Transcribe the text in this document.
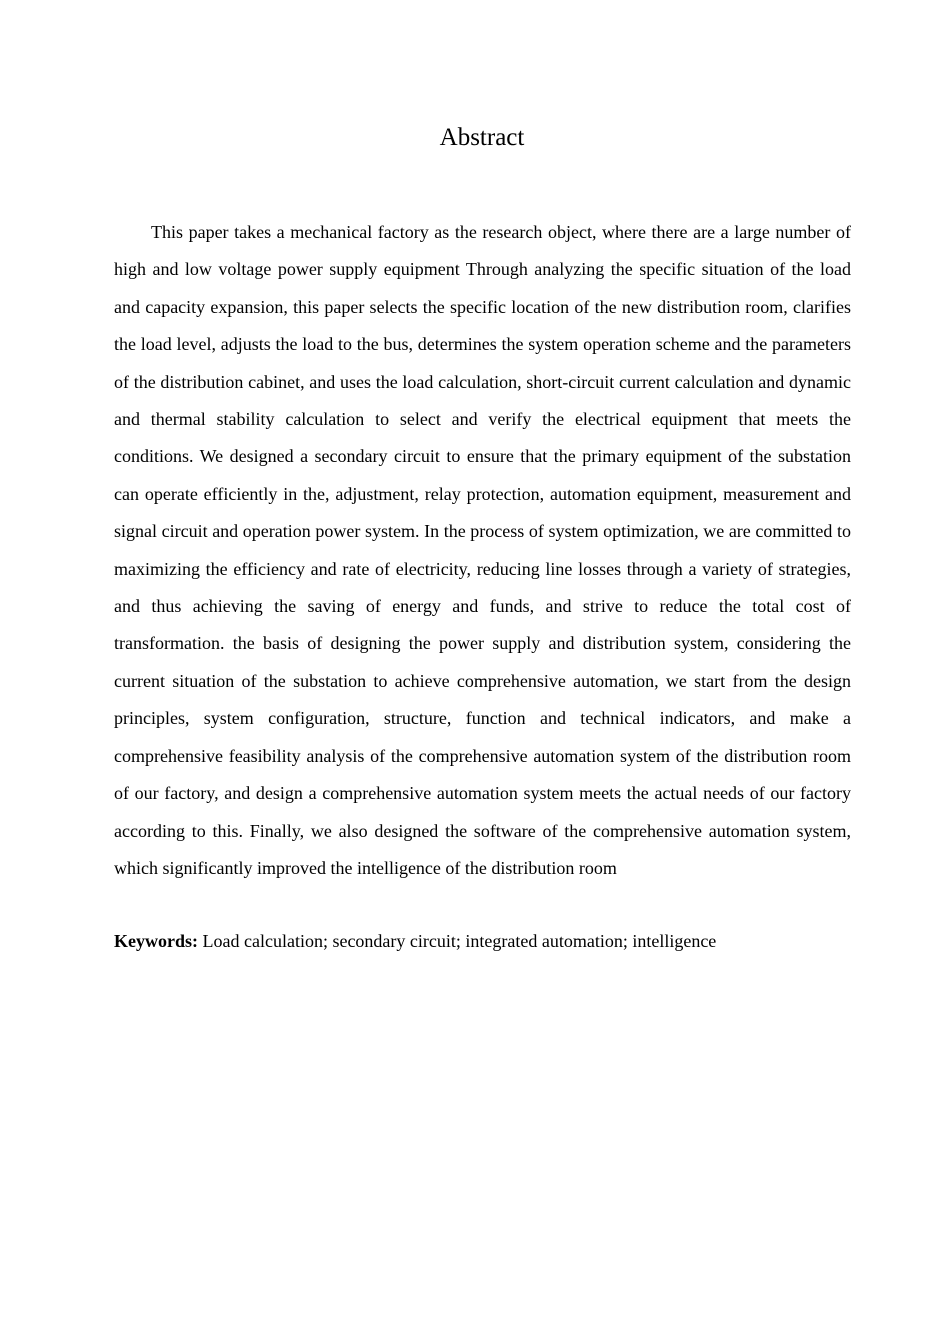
Abstract

This paper takes a mechanical factory as the research object, where there are a large number of high and low voltage power supply equipment Through analyzing the specific situation of the load and capacity expansion, this paper selects the specific location of the new distribution room, clarifies the load level, adjusts the load to the bus, determines the system operation scheme and the parameters of the distribution cabinet, and uses the load calculation, short-circuit current calculation and dynamic and thermal stability calculation to select and verify the electrical equipment that meets the conditions. We designed a secondary circuit to ensure that the primary equipment of the substation can operate efficiently in the, adjustment, relay protection, automation equipment, measurement and signal circuit and operation power system. In the process of system optimization, we are committed to maximizing the efficiency and rate of electricity, reducing line losses through a variety of strategies, and thus achieving the saving of energy and funds, and strive to reduce the total cost of transformation. the basis of designing the power supply and distribution system, considering the current situation of the substation to achieve comprehensive automation, we start from the design principles, system configuration, structure, function and technical indicators, and make a comprehensive feasibility analysis of the comprehensive automation system of the distribution room of our factory, and design a comprehensive automation system meets the actual needs of our factory according to this. Finally, we also designed the software of the comprehensive automation system, which significantly improved the intelligence of the distribution room

Keywords: Load calculation; secondary circuit; integrated automation; intelligence
